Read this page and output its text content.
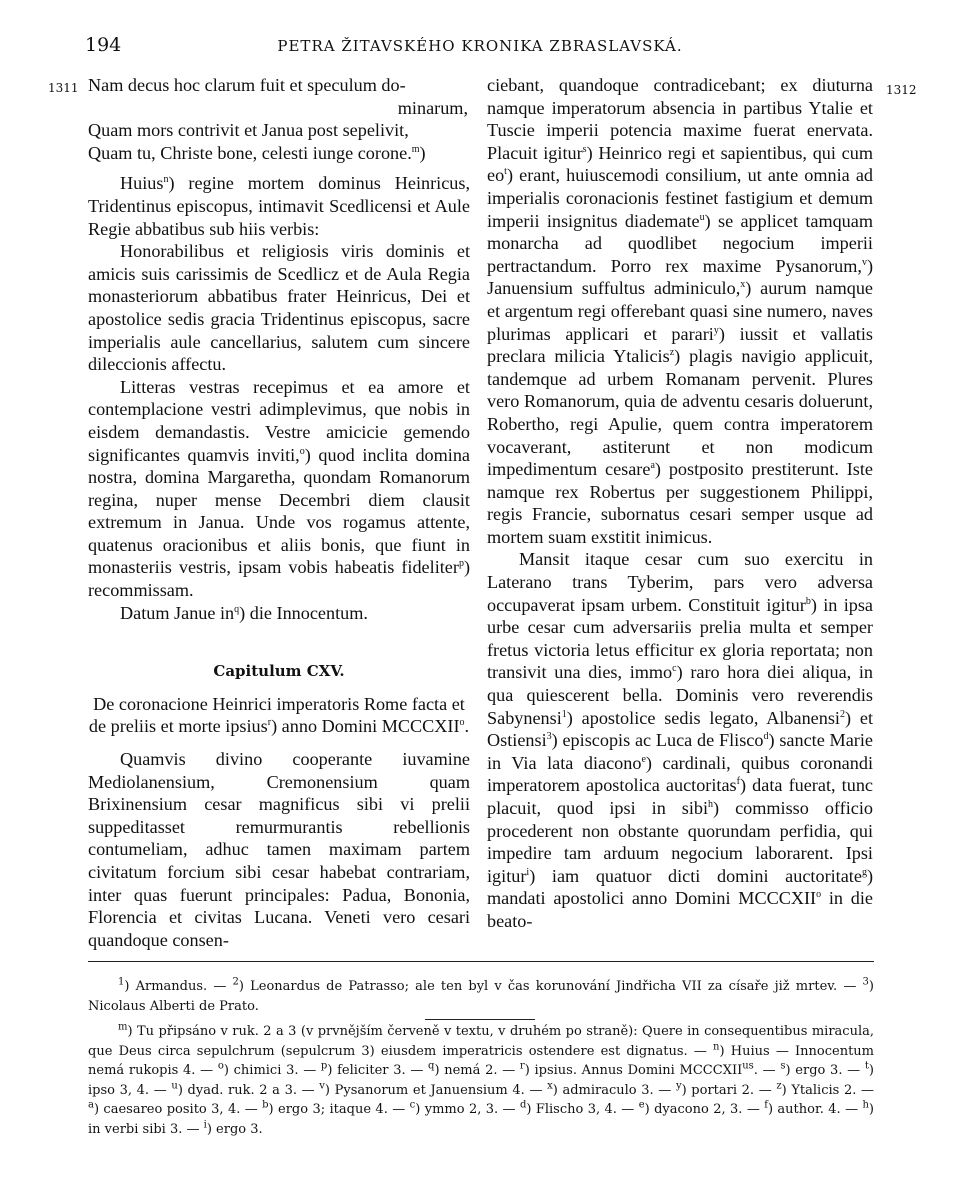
194	PETRA ŽITAVSKÉHO KRONIKA ZBRASLAVSKÁ.
1311	1312
Nam decus hoc clarum fuit et speculum do-
minarum,
Quam mors contrivit et Janua post sepelivit,
Quam tu, Christe bone, celesti iunge corone.$^m$)

Huius$^n$) regine mortem dominus Heinricus, Tridentinus episcopus, intimavit Scedlicensi et Aule Regie abbatibus sub hiis verbis:

Honorabilibus et religiosis viris dominis et amicis suis carissimis de Scedlicz et de Aula Regia monasteriorum abbatibus frater Heinricus, Dei et apostolice sedis gracia Tridentinus episcopus, sacre imperialis aule cancellarius, salutem cum sincere dileccionis affectu.

Litteras vestras recepimus et ea amore et contemplacione vestri adimplevimus, que nobis in eisdem demandastis. Vestre amicicie gemendo significantes quamvis inviti,$^o$) quod inclita domina nostra, domina Margaretha, quondam Romanorum regina, nuper mense Decembri diem clausit extremum in Janua. Unde vos rogamus attente, quatenus oracionibus et aliis bonis, que fiunt in monasteriis vestris, ipsam vobis habeatis fideliter$^p$) recommissam.

Datum Janue $in^q$) die Innocentum.

Capitulum CXV.

De coronacione Heinrici imperatoris Rome facta et de preliis et morte ipsius$^r$) anno Domini MCCCXII$^o$.

Quamvis divino cooperante iuvamine Mediolanensium, Cremonensium quam Brixinensium cesar magnificus sibi vi prelii suppeditasset remurmurantis rebellionis contumeliam, adhuc tamen maximam partem civitatum forcium sibi cesar habebat contrariam, inter quas fuerunt principales: Padua, Bononia, Florencia et civitas Lucana. Veneti vero cesari quandoque consen-

ciebant, quandoque contradicebant; ex diuturna namque imperatorum absencia in partibus Ytalie et Tuscie imperii potencia maxime fuerat enervata. Placuit igitur$^s$) Heinrico regi et sapientibus, qui cum $eo^t$) erant, huiuscemodi consilium, ut ante omnia ad imperialis coronacionis festinet fastigium et demum imperii insignitus diademate$^u$) se applicet tamquam monarcha ad quodlibet negocium imperii pertractandum. Porro rex maxime Pysanorum,$^v$) Januensium suffultus adminiculo,$^x$) aurum namque et argentum regi offerebant quasi sine numero, naves plurimas applicari et parari$^y$) iussit et vallatis preclara milicia Ytalicis$^z$) plagis navigio applicuit, tandemque ad urbem Romanam pervenit. Plures vero Romanorum, quia de adventu cesaris doluerunt, Robertho, regi Apulie, quem contra imperatorem vocaverant, astiterunt et non modicum impedimentum cesare$^a$) postposito prestiterunt. Iste namque rex Robertus per suggestionem Philippi, regis Francie, subornatus cesari semper usque ad mortem suam exstitit inimicus.

Mansit itaque cesar cum suo exercitu in Laterano trans Tyberim, pars vero adversa occupaverat ipsam urbem. Constituit igitur$^b$) in ipsa urbe cesar cum adversariis prelia multa et semper fretus victoria letus efficitur ex gloria reportata; non transivit una dies, immo$^c$) raro hora diei aliqua, in qua quiescerent bella. Dominis vero reverendis Sabynensi$^1$) apostolice sedis legato, Albanensi$^2$) et Ostiensi$^3$) episcopis ac Luca de Flisco$^d$) sancte Marie in Via lata diacono$^e$) cardinali, quibus coronandi imperatorem apostolica auctoritas$^f$) data fuerat, tunc placuit, quod ipsi in sibi$^h$) commisso officio procederent non obstante quorundam perfidia, qui impedire tam arduum negocium laborarent. Ipsi igitur$^i$) iam quatuor dicti domini auctoritate$^g$) mandati apostolici anno Domini MCCCXII$^o$ in die beato-

$^1$) Armandus. — $^2$) Leonardus de Patrasso; ale ten byl v čas korunování Jindřicha VII za císaře již mrtev. — $^3$) Nicolaus Alberti de Prato.

$^m$) Tu připsáno v ruk. 2 a 3 (v prvnějším červeně v textu, v druhém po straně): Quere in consequentibus miracula, que Deus circa sepulchrum (sepulcrum 3) eiusdem imperatricis ostendere est dignatus. — $^n$) Huius — Innocentum nemá rukopis 4. — $^o$) chimici 3. — $^p$) feliciter 3. — $^q$) nemá 2. — $^r$) ipsius. Annus Domini $MCCCXII^{us}$. — $^s$) ergo 3. — $^t$) ipso 3, 4. — $^u$) dyad. ruk. 2 a 3. — $^v$) Pysanorum et Januensium 4. — $^x$) admiraculo 3. — $^y$) portari 2. — $^z$) Ytalicis 2. — $^a$) caesareo posito 3, 4. — $^b$) ergo 3; itaque 4. — $^c$) ymmo 2, 3. — $^d$) Flischo 3, 4. — $^e$) dyacono 2, 3. — $^f$) author. 4. — $^h$) in verbi sibi 3. — $^i$) ergo 3.
